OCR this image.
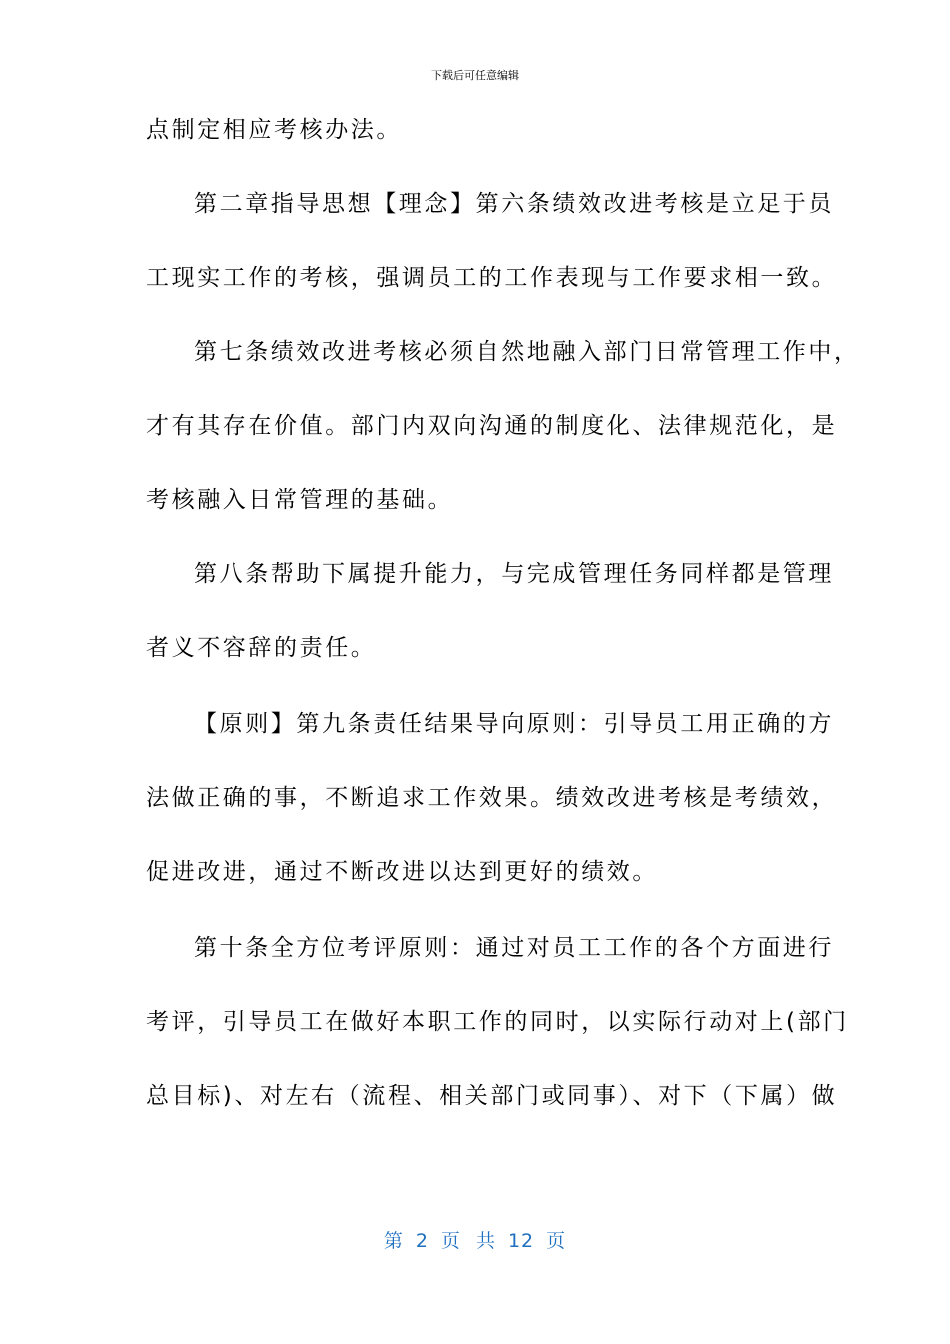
下载后可任意编辑
点制定相应考核办法。
第二章指导思想【理念】第六条绩效改进考核是立足于员
工现实工作的考核，强调员工的工作表现与工作要求相一致。
第七条绩效改进考核必须自然地融入部门日常管理工作中，
才有其存在价值。部门内双向沟通的制度化、法律规范化，是
考核融入日常管理的基础。
第八条帮助下属提升能力，与完成管理任务同样都是管理
者义不容辞的责任。
【原则】第九条责任结果导向原则：引导员工用正确的方
法做正确的事，不断追求工作效果。绩效改进考核是考绩效，
促进改进，通过不断改进以达到更好的绩效。
第十条全方位考评原则：通过对员工工作的各个方面进行
考评，引导员工在做好本职工作的同时，以实际行动对上(部门
总目标)、对左右（流程、相关部门或同事）、对下（下属）做
第 2 页 共 12 页
